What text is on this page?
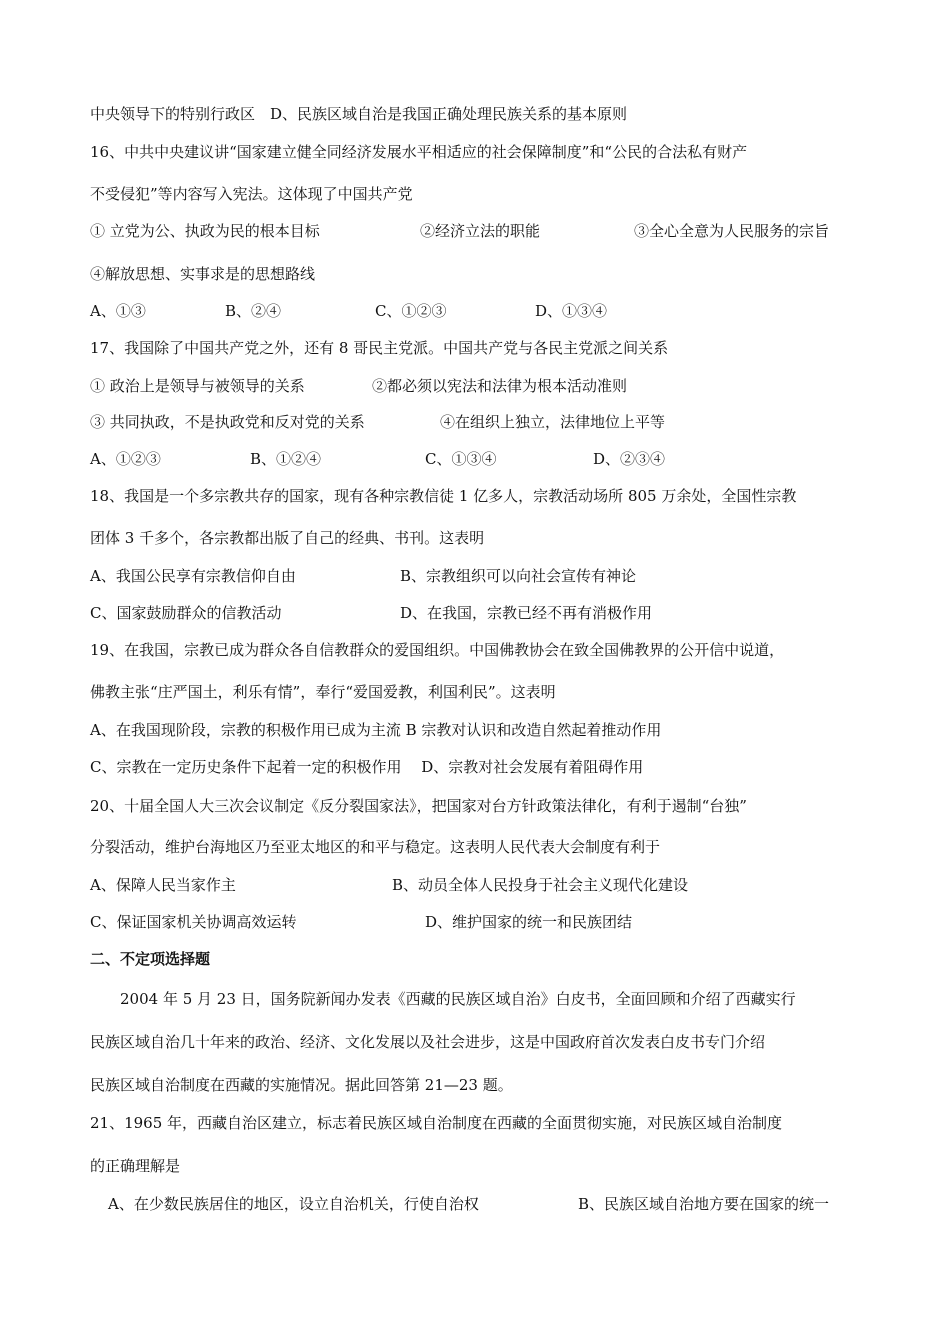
中央领导下的特别行政区　D、民族区域自治是我国正确处理民族关系的基本原则
16、中共中央建议讲“国家建立健全同经济发展水平相适应的社会保障制度”和“公民的合法私有财产
不受侵犯”等内容写入宪法。这体现了中国共产党
① 立党为公、执政为民的根本目标	②经济立法的职能	③全心全意为人民服务的宗旨
④解放思想、实事求是的思想路线
A、①③	B、②④	C、①②③	D、①③④
17、我国除了中国共产党之外，还有 8 哥民主党派。中国共产党与各民主党派之间关系
① 政治上是领导与被领导的关系	②都必须以宪法和法律为根本活动准则
③ 共同执政，不是执政党和反对党的关系	④在组织上独立，法律地位上平等
A、①②③	B、①②④	C、①③④	D、②③④
18、我国是一个多宗教共存的国家，现有各种宗教信徒 1 亿多人，宗教活动场所 805 万余处，全国性宗教
团体 3 千多个，各宗教都出版了自己的经典、书刊。这表明
A、我国公民享有宗教信仰自由	B、宗教组织可以向社会宣传有神论
C、国家鼓励群众的信教活动	D、在我国，宗教已经不再有消极作用
19、在我国，宗教已成为群众各自信教群众的爱国组织。中国佛教协会在致全国佛教界的公开信中说道，
佛教主张“庄严国土，利乐有情”，奉行“爱国爱教，利国利民”。这表明
A、在我国现阶段，宗教的积极作用已成为主流 B 宗教对认识和改造自然起着推动作用
C、宗教在一定历史条件下起着一定的积极作用　 D、宗教对社会发展有着阻碍作用
20、十届全国人大三次会议制定《反分裂国家法》，把国家对台方针政策法律化，有利于遏制“台独”
分裂活动，维护台海地区乃至亚太地区的和平与稳定。这表明人民代表大会制度有利于
A、保障人民当家作主	B、动员全体人民投身于社会主义现代化建设
C、保证国家机关协调高效运转	D、维护国家的统一和民族团结
二、不定项选择题
　　2004 年 5 月 23 日，国务院新闻办发表《西藏的民族区域自治》白皮书，全面回顾和介绍了西藏实行
民族区域自治几十年来的政治、经济、文化发展以及社会进步，这是中国政府首次发表白皮书专门介绍
民族区域自治制度在西藏的实施情况。据此回答第 21—23 题。
21、1965 年，西藏自治区建立，标志着民族区域自治制度在西藏的全面贯彻实施，对民族区域自治制度
的正确理解是
A、在少数民族居住的地区，设立自治机关，行使自治权	B、民族区域自治地方要在国家的统一
